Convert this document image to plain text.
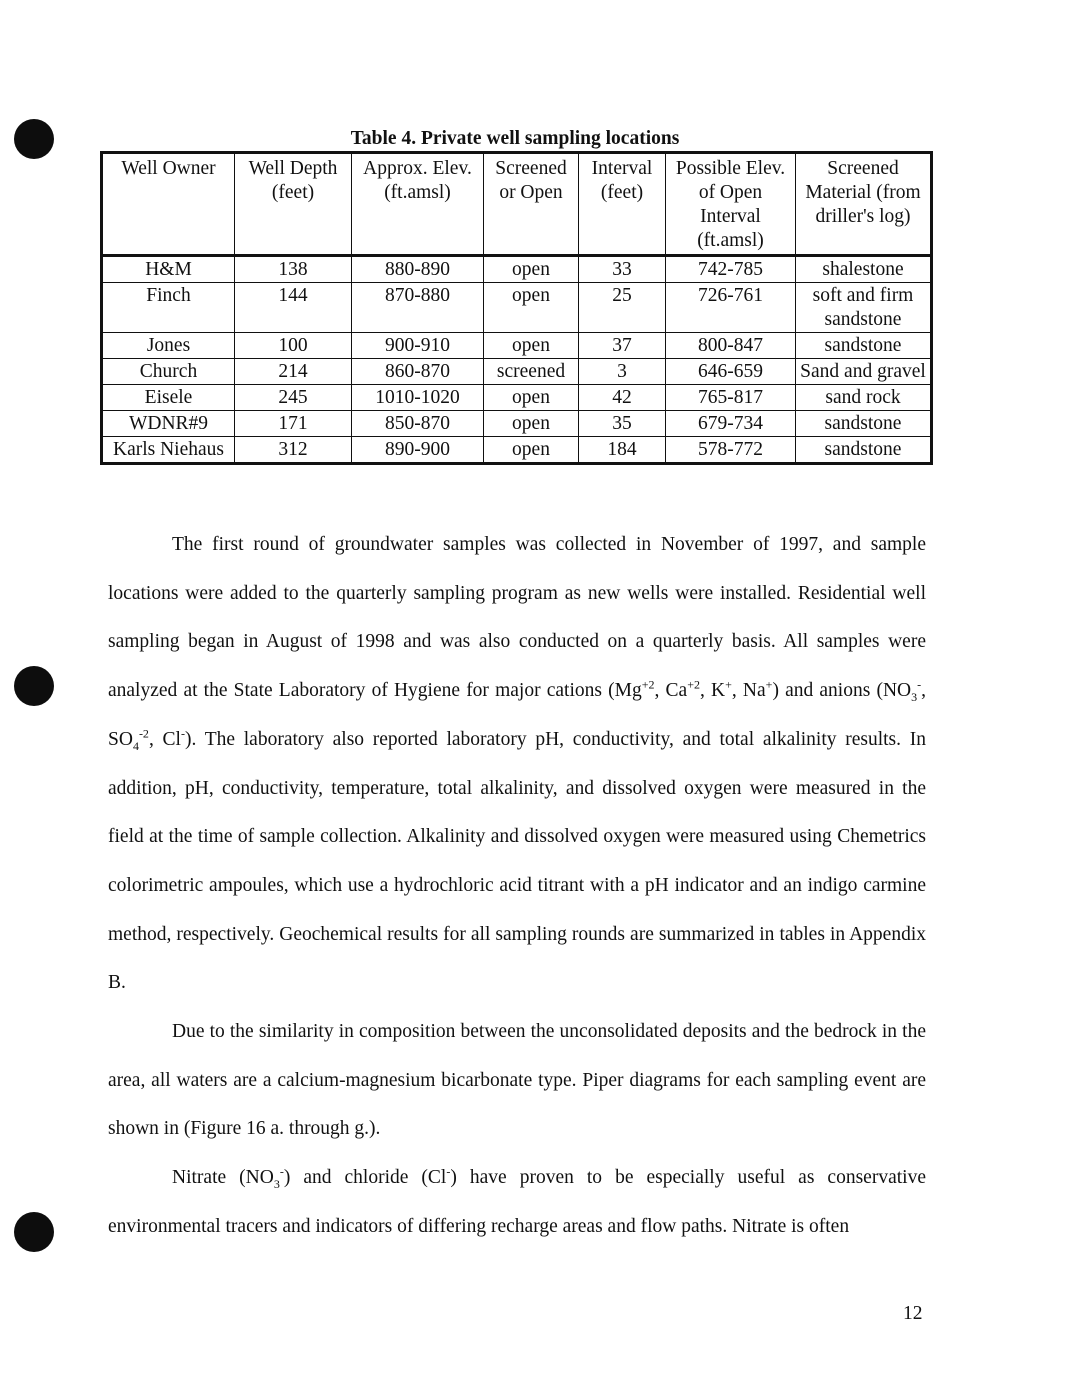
Table 4. Private well sampling locations
Well Owner	Well Depth (feet)	Approx. Elev. (ft.amsl)	Screened or Open	Interval (feet)	Possible Elev. of Open Interval (ft.amsl)	Screened Material (from driller's log)
H&M	138	880-890	open	33	742-785	shalestone
Finch	144	870-880	open	25	726-761	soft and firm sandstone
Jones	100	900-910	open	37	800-847	sandstone
Church	214	860-870	screened	3	646-659	Sand and gravel
Eisele	245	1010-1020	open	42	765-817	sand rock
WDNR#9	171	850-870	open	35	679-734	sandstone
Karls Niehaus	312	890-900	open	184	578-772	sandstone

The first round of groundwater samples was collected in November of 1997, and sample locations were added to the quarterly sampling program as new wells were installed. Residential well sampling began in August of 1998 and was also conducted on a quarterly basis. All samples were analyzed at the State Laboratory of Hygiene for major cations ($Mg^{+2}$, $Ca^{+2}$, K+, Na+) and anions ($NO_3^-$, $SO_4^{-2}$, Cl-). The laboratory also reported laboratory pH, conductivity, and total alkalinity results. In addition, pH, conductivity, temperature, total alkalinity, and dissolved oxygen were measured in the field at the time of sample collection. Alkalinity and dissolved oxygen were measured using Chemetrics colorimetric ampoules, which use a hydrochloric acid titrant with a pH indicator and an indigo carmine method, respectively. Geochemical results for all sampling rounds are summarized in tables in Appendix B.

Due to the similarity in composition between the unconsolidated deposits and the bedrock in the area, all waters are a calcium-magnesium bicarbonate type. Piper diagrams for each sampling event are shown in (Figure 16 a. through g.).

Nitrate $(NO_3^-)$ and chloride (Cl-) have proven to be especially useful as conservative environmental tracers and indicators of differing recharge areas and flow paths. Nitrate is often

12
